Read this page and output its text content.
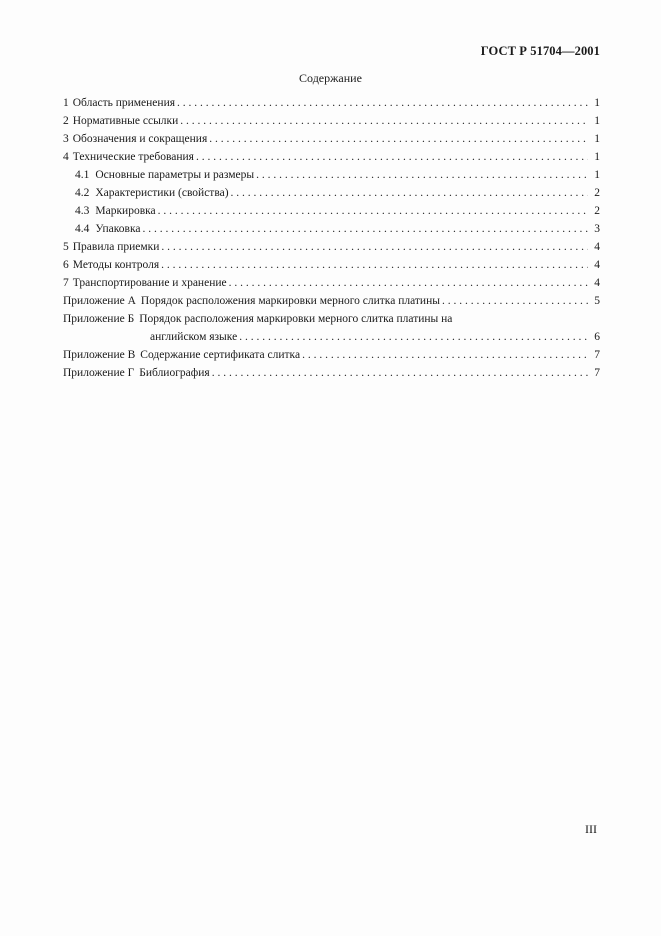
ГОСТ Р 51704—2001
Содержание
1 Область применения . . .	1
2 Нормативные ссылки . . .	1
3 Обозначения и сокращения . . .	1
4 Технические требования . . .	1
4.1 Основные параметры и размеры . . .	1
4.2 Характеристики (свойства) . . .	2
4.3 Маркировка . . .	2
4.4 Упаковка . . .	3
5 Правила приемки . . .	4
6 Методы контроля . . .	4
7 Транспортирование и хранение . . .	4
Приложение А Порядок расположения маркировки мерного слитка платины . . .	5
Приложение Б Порядок расположения маркировки мерного слитка платины на
английском языке . . .	6
Приложение В Содержание сертификата слитка . . .	7
Приложение Г Библиография . . .	7
III
